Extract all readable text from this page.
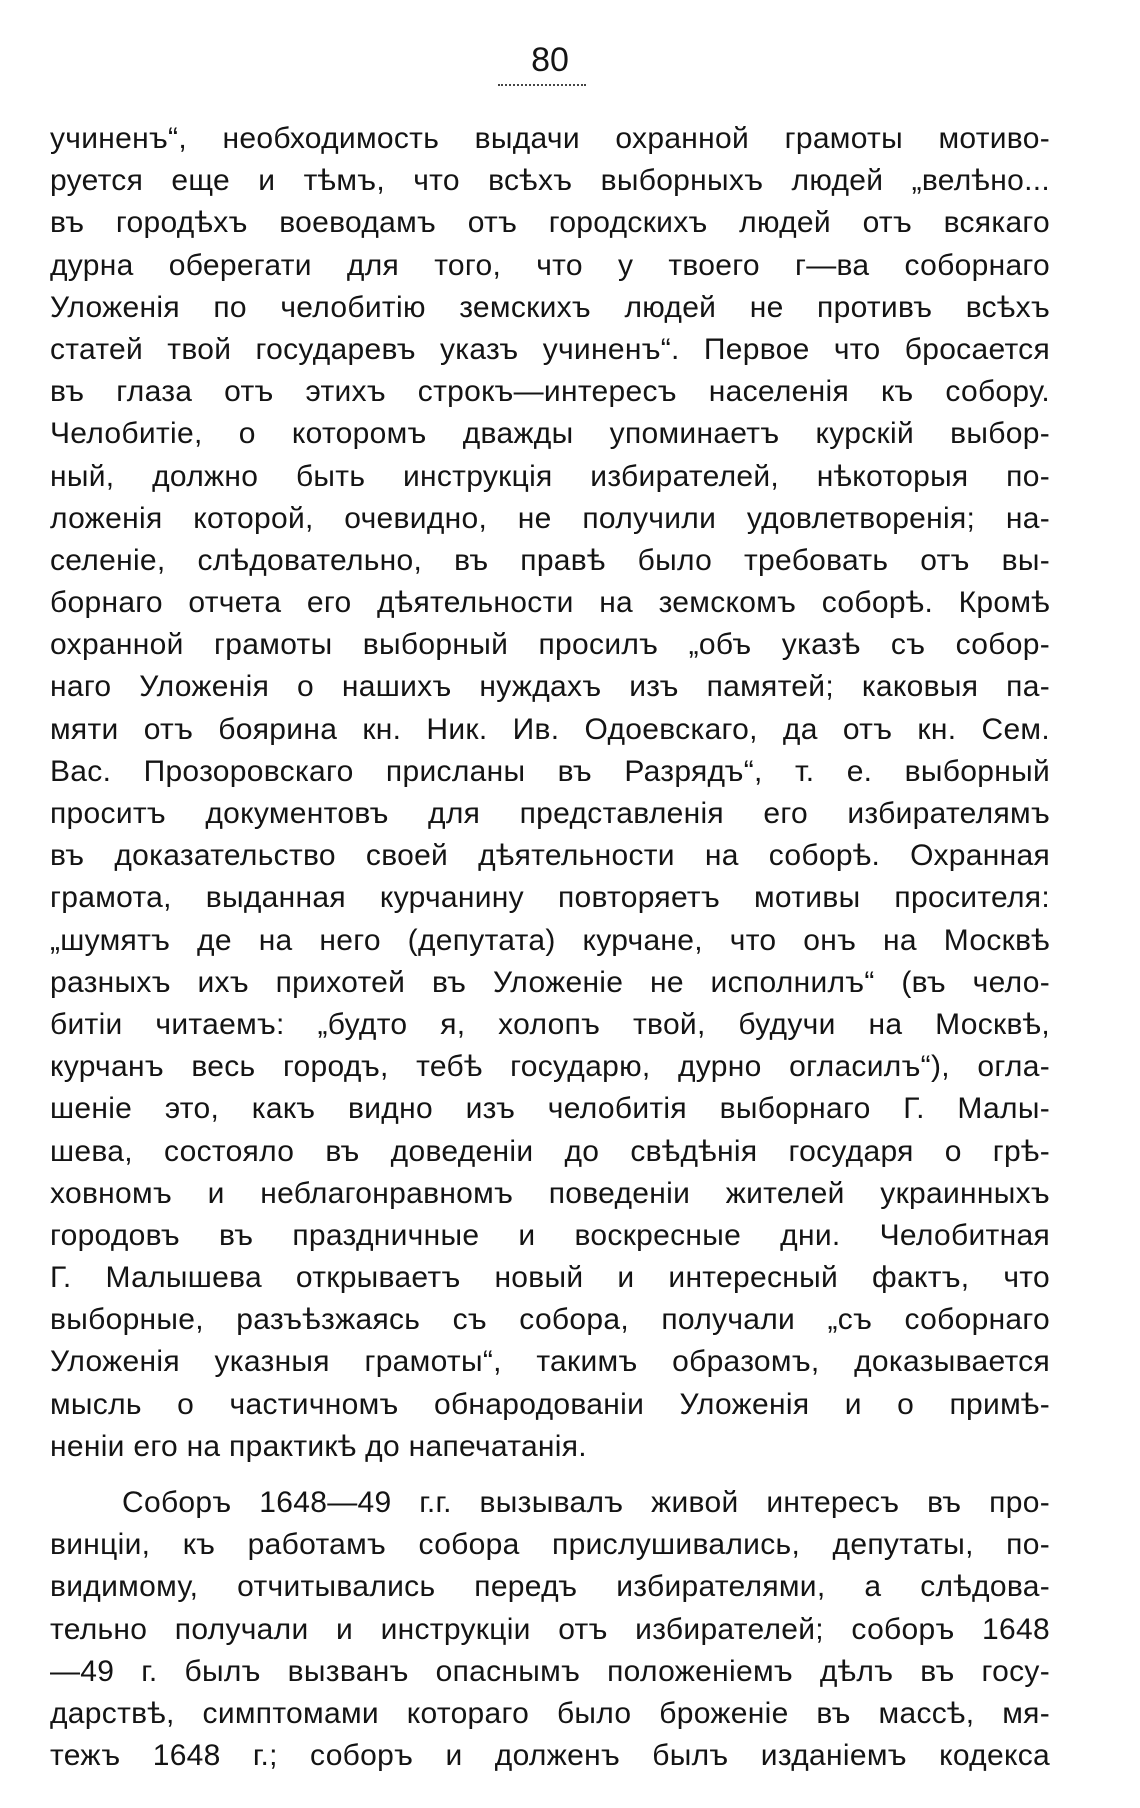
80
учиненъ“, необходимость выдачи охранной грамоты мотиво-
руется еще и тѣмъ, что всѣхъ выборныхъ людей „велѣно...
въ городѣхъ воеводамъ отъ городскихъ людей отъ всякаго
дурна оберегати для того, что у твоего г—ва соборнаго
Уложенія по челобитію земскихъ людей не противъ всѣхъ
статей твой государевъ указъ учиненъ“. Первое что бросается
въ глаза отъ этихъ строкъ—интересъ населенія къ собору.
Челобитіе, о которомъ дважды упоминаетъ курскій выбор-
ный, должно быть инструкція избирателей, нѣкоторыя по-
ложенія которой, очевидно, не получили удовлетворенія; на-
селеніе, слѣдовательно, въ правѣ было требовать отъ вы-
борнаго отчета его дѣятельности на земскомъ соборѣ. Кромѣ
охранной грамоты выборный просилъ „объ указѣ съ собор-
наго Уложенія о нашихъ нуждахъ изъ памятей; каковыя па-
мяти отъ боярина кн. Ник. Ив. Одоевскаго, да отъ кн. Сем.
Вас. Прозоровскаго присланы въ Разрядъ“, т. е. выборный
проситъ документовъ для представленія его избирателямъ
въ доказательство своей дѣятельности на соборѣ. Охранная
грамота, выданная курчанину повторяетъ мотивы просителя:
„шумятъ де на него (депутата) курчане, что онъ на Москвѣ
разныхъ ихъ прихотей въ Уложеніе не исполнилъ“ (въ чело-
битіи читаемъ: „будто я, холопъ твой, будучи на Москвѣ,
курчанъ весь городъ, тебѣ государю, дурно огласилъ“), огла-
шеніе это, какъ видно изъ челобитія выборнаго Г. Малы-
шева, состояло въ доведеніи до свѣдѣнія государя о грѣ-
ховномъ и неблагонравномъ поведеніи жителей украинныхъ
городовъ въ праздничные и воскресные дни. Челобитная
Г. Малышева открываетъ новый и интересный фактъ, что
выборные, разъѣзжаясь съ собора, получали „съ соборнаго
Уложенія указныя грамоты“, такимъ образомъ, доказывается
мысль о частичномъ обнародованіи Уложенія и о примѣ-
неніи его на практикѣ до напечатанія.
Соборъ 1648—49 г.г. вызывалъ живой интересъ въ про-
винціи, къ работамъ собора прислушивались, депутаты, по-
видимому, отчитывались передъ избирателями, а слѣдова-
тельно получали и инструкціи отъ избирателей; соборъ 1648
—49 г. былъ вызванъ опаснымъ положеніемъ дѣлъ въ госу-
дарствѣ, симптомами котораго было броженіе въ массѣ, мя-
тежъ 1648 г.; соборъ и долженъ былъ изданіемъ кодекса
